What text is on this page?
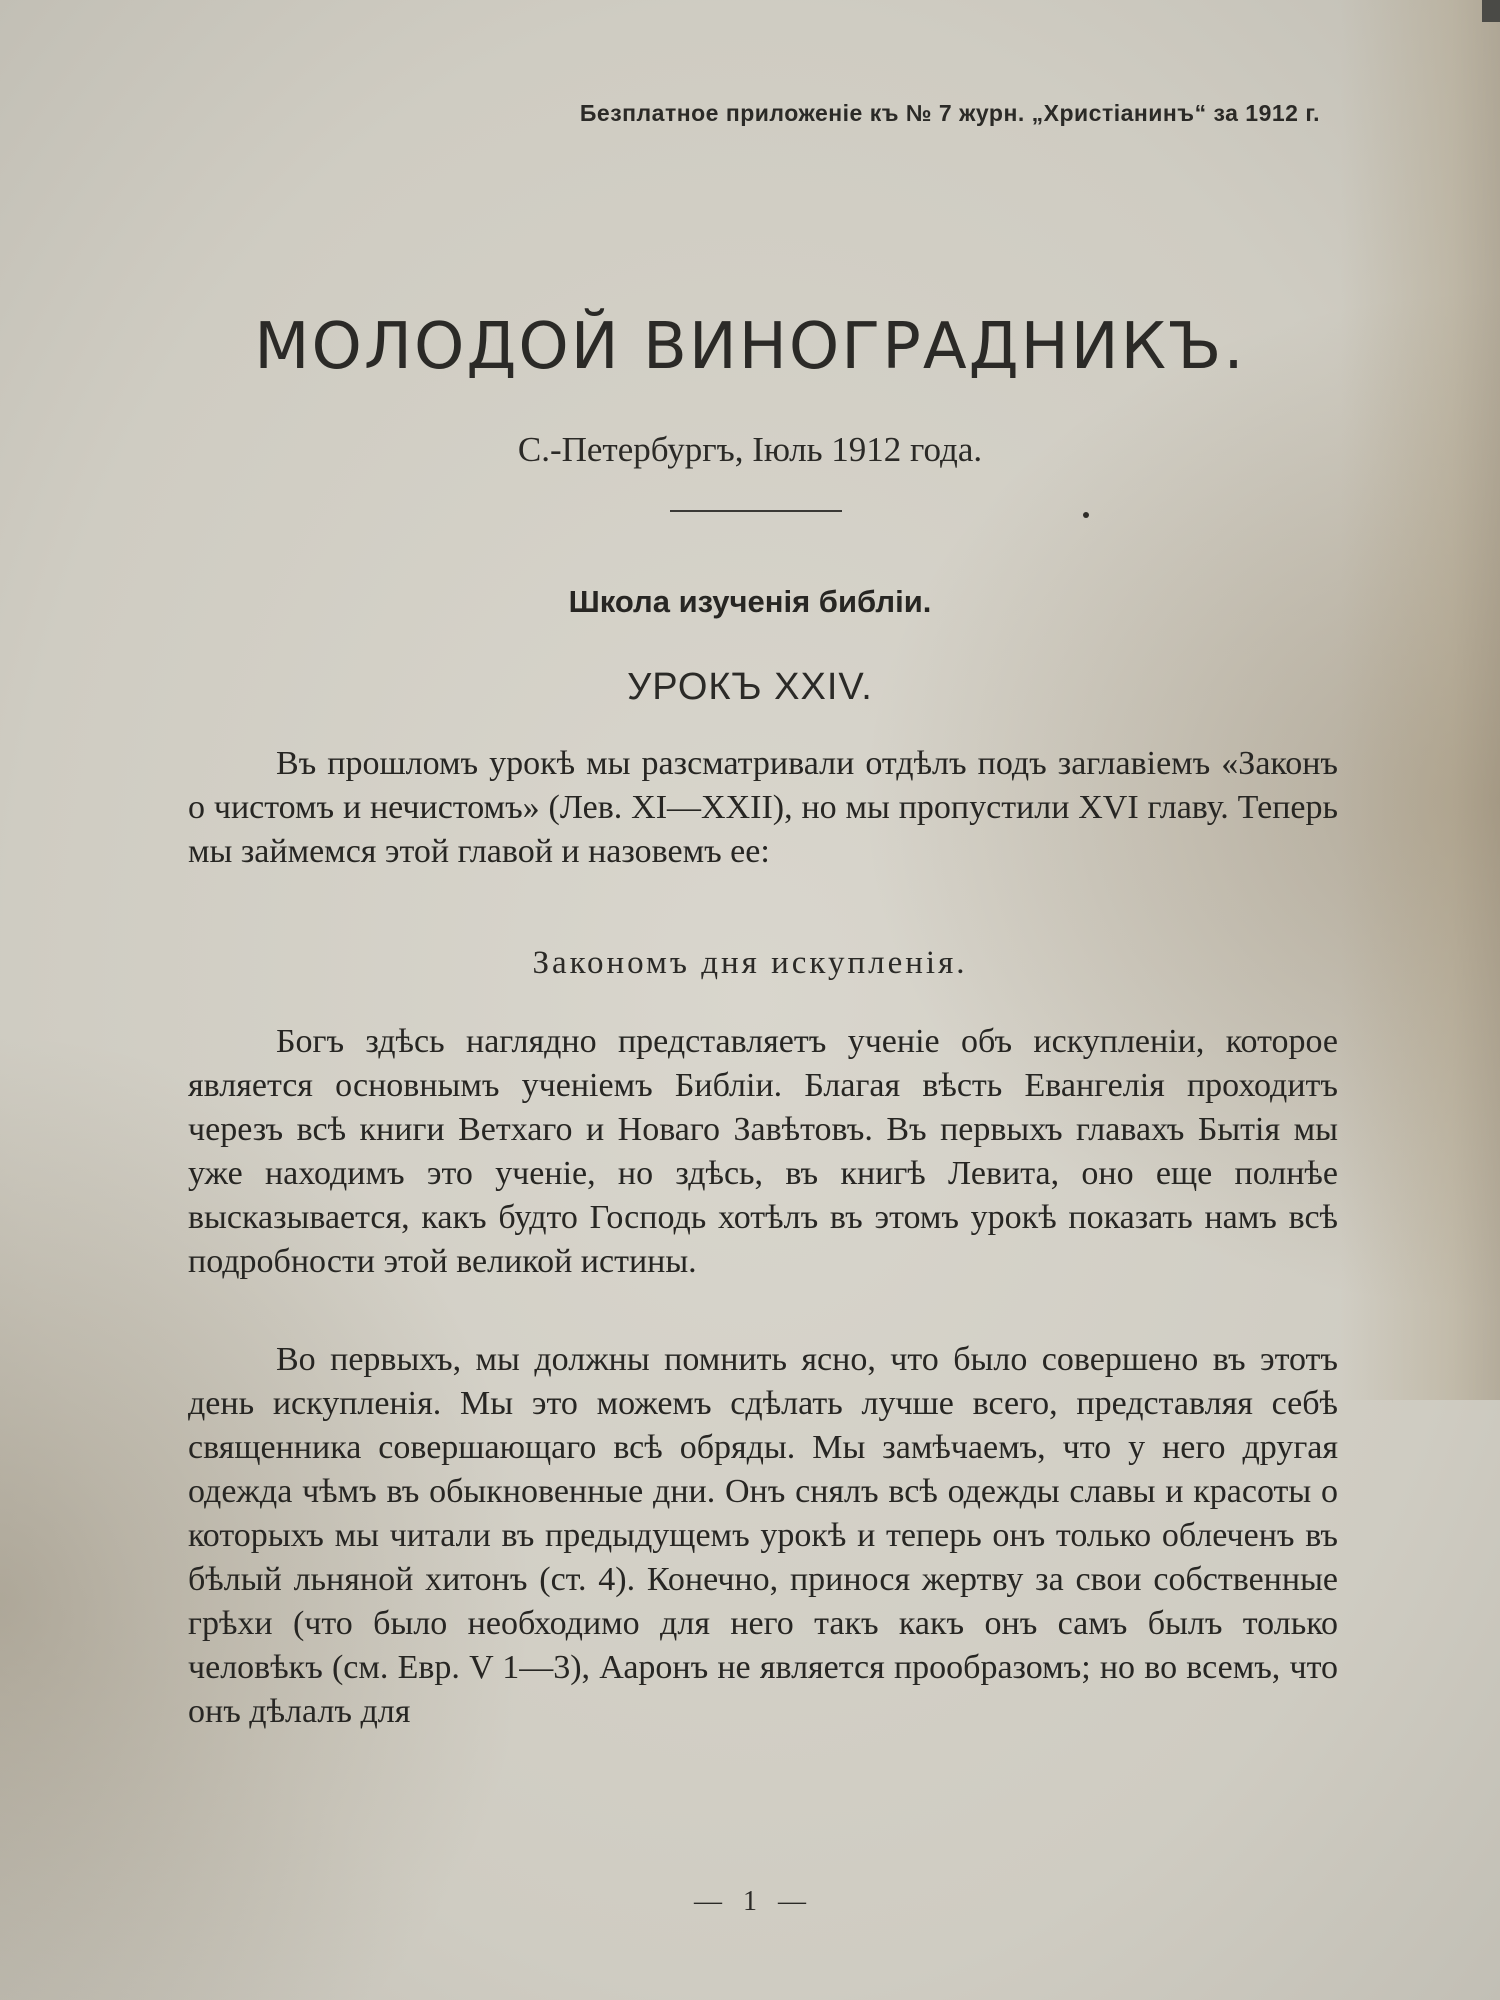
Безплатное приложенiе къ № 7 журн. „Христiанинъ“ за 1912 г.
МОЛОДОЙ ВИНОГРАДНИКЪ.
С.-Петербургъ, Iюль 1912 года.
Школа изученiя библiи.
УРОКЪ XXIV.

Въ прошломъ урокѣ мы разсматривали отдѣлъ подъ заглавiемъ «Законъ о чистомъ и нечистомъ» (Лев. XI—XXII), но мы пропустили XVI главу. Теперь мы займемся этой главой и назовемъ ее:

Закономъ дня искупленiя.

Богъ здѣсь наглядно представляетъ ученiе объ искупленiи, которое является основнымъ ученiемъ Библiи. Благая вѣсть Евангелiя проходитъ черезъ всѣ книги Ветхаго и Новаго Завѣтовъ. Въ первыхъ главахъ Бытiя мы уже находимъ это ученiе, но здѣсь, въ книгѣ Левита, оно еще полнѣе высказывается, какъ будто Господь хотѣлъ въ этомъ урокѣ показать намъ всѣ подробности этой великой истины.

Во первыхъ, мы должны помнить ясно, что было совершено въ этотъ день искупленiя. Мы это можемъ сдѣлать лучше всего, представляя себѣ священника совершающаго всѣ обряды. Мы замѣчаемъ, что у него другая одежда чѣмъ въ обыкновенные дни. Онъ снялъ всѣ одежды славы и красоты о которыхъ мы читали въ предыдущемъ урокѣ и теперь онъ только облеченъ въ бѣлый льняной хитонъ (ст. 4). Конечно, принося жертву за свои собственные грѣхи (что было необходимо для него такъ какъ онъ самъ былъ только человѣкъ (см. Евр. V 1—3), Ааронъ не является прообразомъ; но во всемъ, что онъ дѣлалъ для

— 1 —
